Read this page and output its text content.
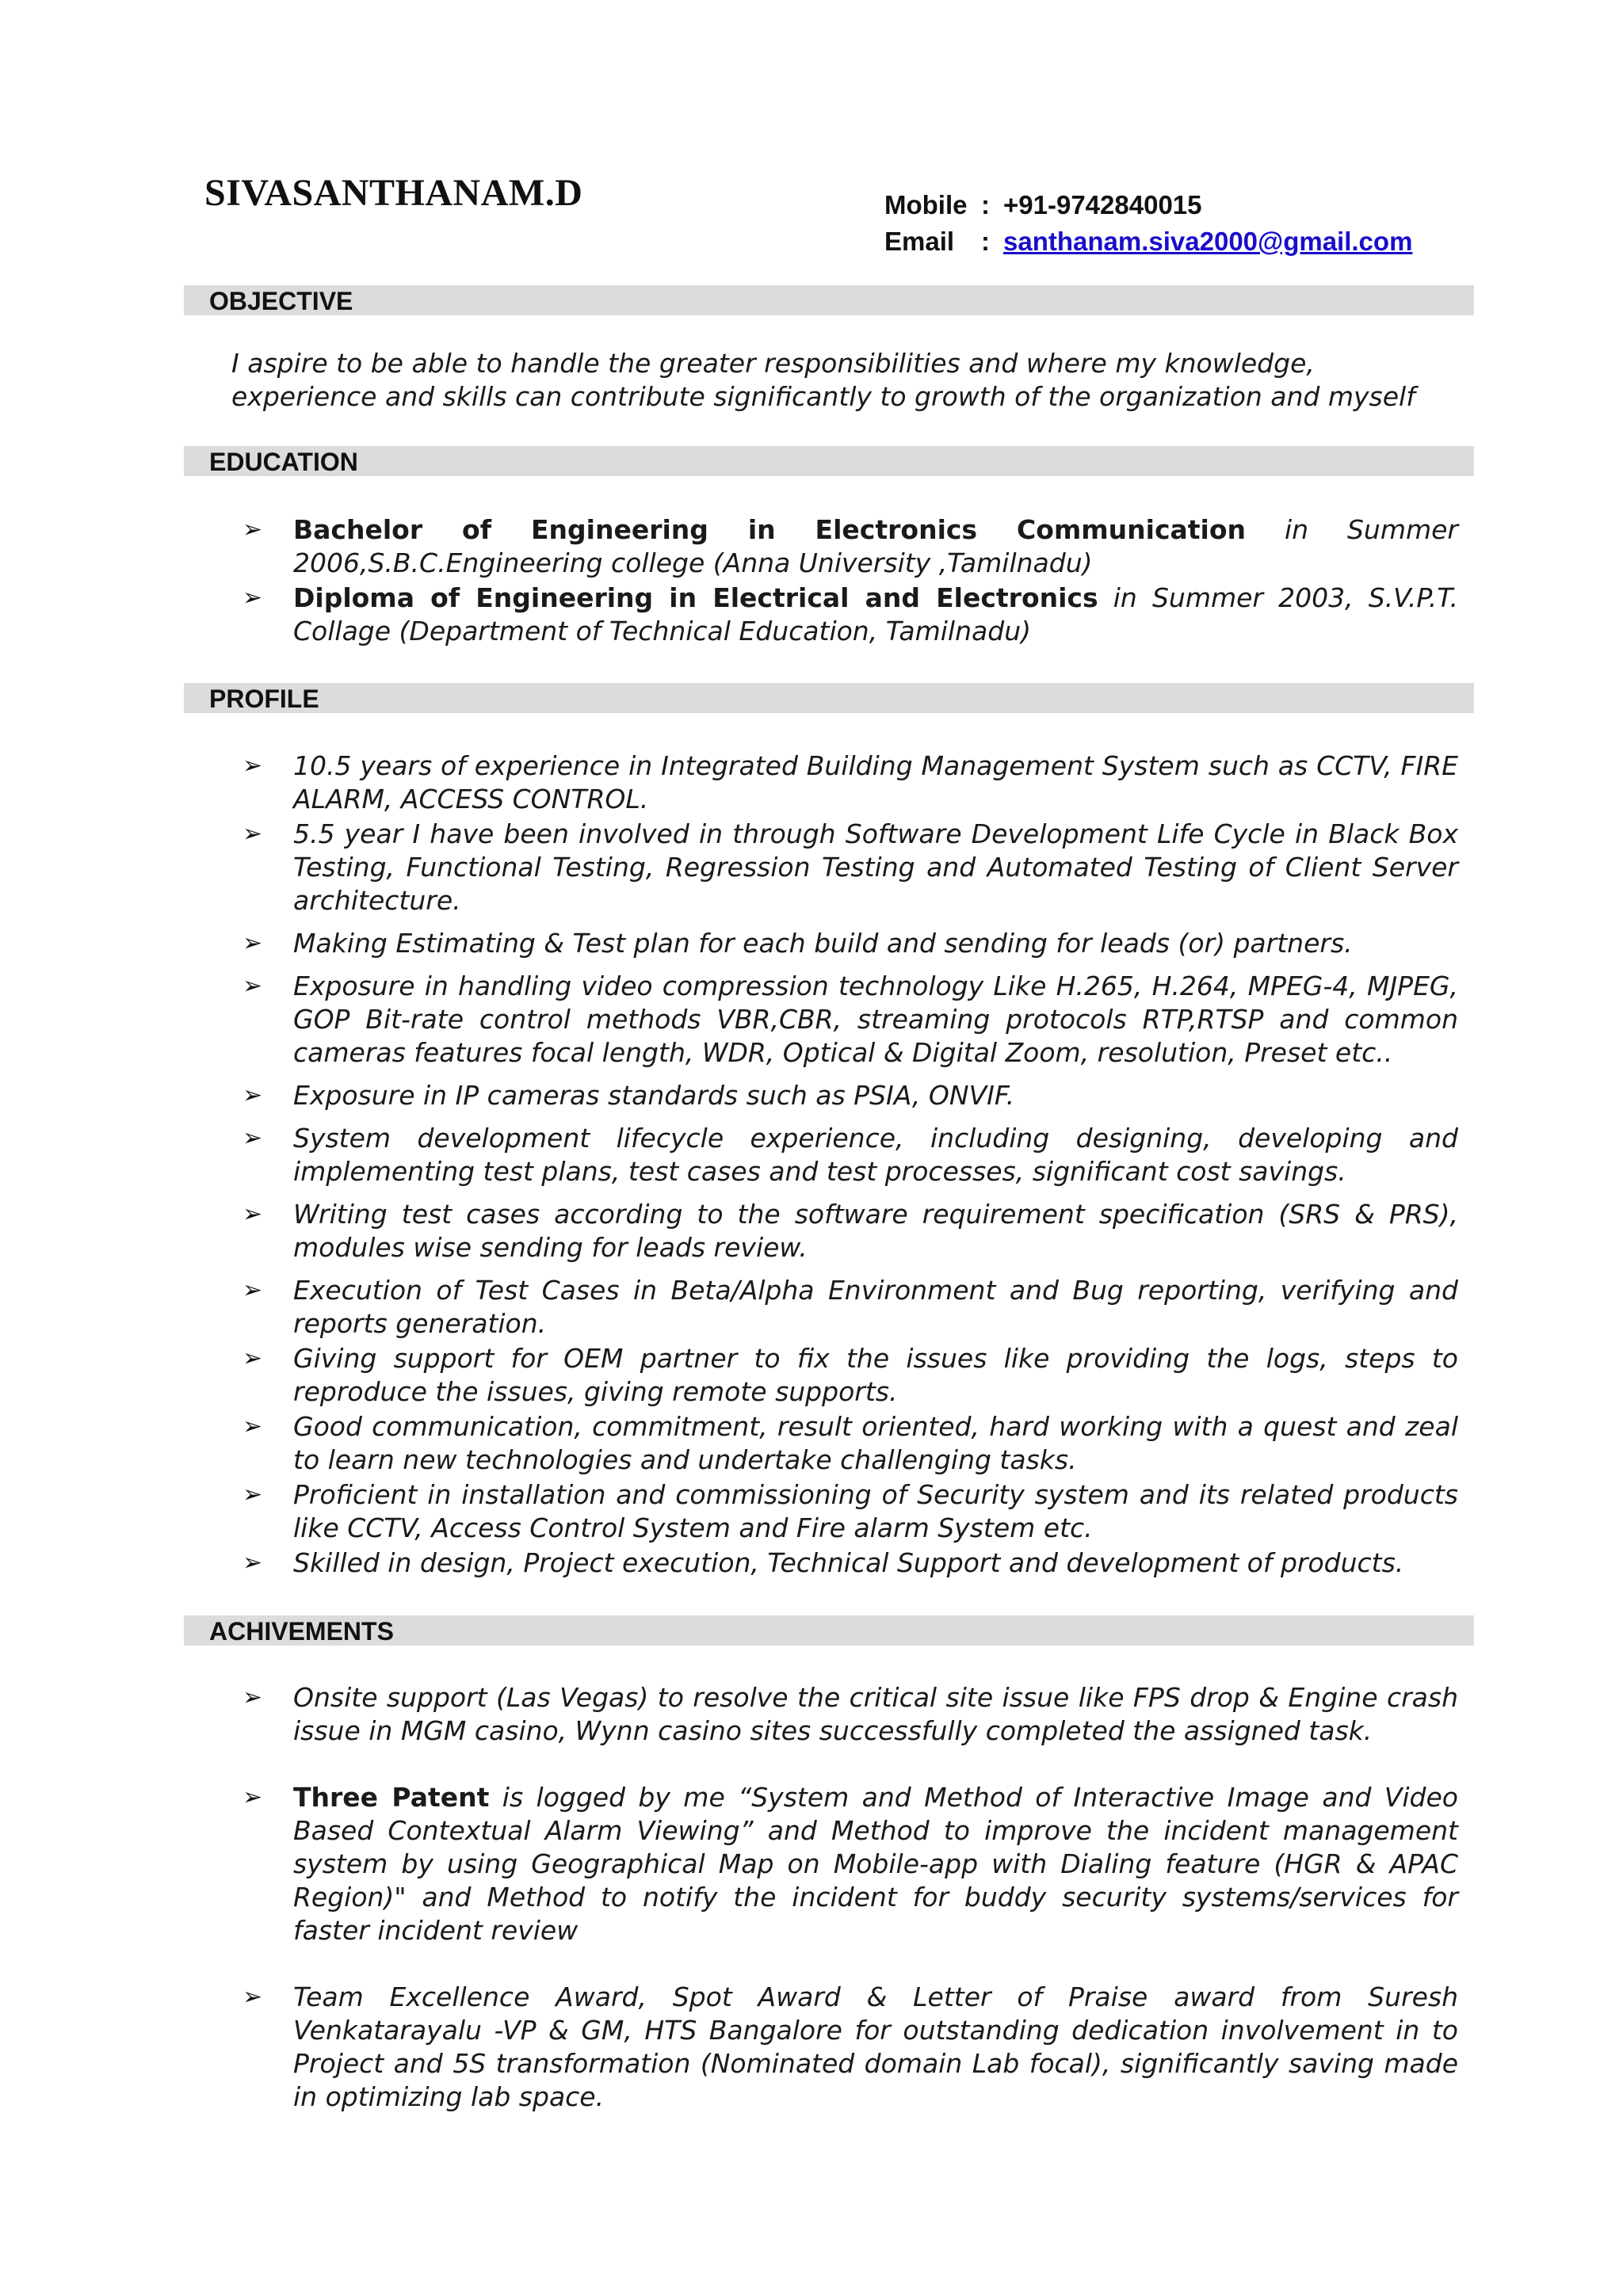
SIVASANTHANAM.D	Mobile : +91-9742840015
Email	: santhanam.siva2000@gmail.com
OBJECTIVE

I aspire to be able to handle the greater responsibilities and where my knowledge, experience and skills can contribute significantly to growth of the organization and myself

EDUCATION
➢ Bachelor of Engineering in Electronics Communication in Summer 2006,S.B.C.Engineering college (Anna University ,Tamilnadu)
➢ Diploma of Engineering in Electrical and Electronics in Summer 2003, S.V.P.T. Collage (Department of Technical Education, Tamilnadu)
PROFILE
➢ 10.5 years of experience in Integrated Building Management System such as CCTV, FIRE ALARM, ACCESS CONTROL.
➢ 5.5 year I have been involved in through Software Development Life Cycle in Black Box Testing, Functional Testing, Regression Testing and Automated Testing of Client Server architecture.
➢ Making Estimating & Test plan for each build and sending for leads (or) partners.
➢ Exposure in handling video compression technology Like H.265, H.264, MPEG-4, MJPEG, GOP Bit-rate control methods VBR,CBR, streaming protocols RTP,RTSP and common cameras features focal length, WDR, Optical & Digital Zoom, resolution, Preset etc..
➢ Exposure in IP cameras standards such as PSIA, ONVIF.
➢ System development lifecycle experience, including designing, developing and implementing test plans, test cases and test processes, significant cost savings.
➢ Writing test cases according to the software requirement specification (SRS & PRS), modules wise sending for leads review.
➢ Execution of Test Cases in Beta/Alpha Environment and Bug reporting, verifying and reports generation.
➢ Giving support for OEM partner to fix the issues like providing the logs, steps to reproduce the issues, giving remote supports.
➢ Good communication, commitment, result oriented, hard working with a quest and zeal to learn new technologies and undertake challenging tasks.
➢ Proficient in installation and commissioning of Security system and its related products like CCTV, Access Control System and Fire alarm System etc.
➢ Skilled in design, Project execution, Technical Support and development of products.
ACHIVEMENTS
➢ Onsite support (Las Vegas) to resolve the critical site issue like FPS drop & Engine crash issue in MGM casino, Wynn casino sites successfully completed the assigned task.
➢ Three Patent is logged by me “System and Method of Interactive Image and Video Based Contextual Alarm Viewing” and Method to improve the incident management system by using Geographical Map on Mobile-app with Dialing feature (HGR & APAC Region)" and Method to notify the incident for buddy security systems/services for faster incident review
➢ Team Excellence Award, Spot Award & Letter of Praise award from Suresh Venkatarayalu -VP & GM, HTS Bangalore for outstanding dedication involvement in to Project and 5S transformation (Nominated domain Lab focal), significantly saving made in optimizing lab space.
